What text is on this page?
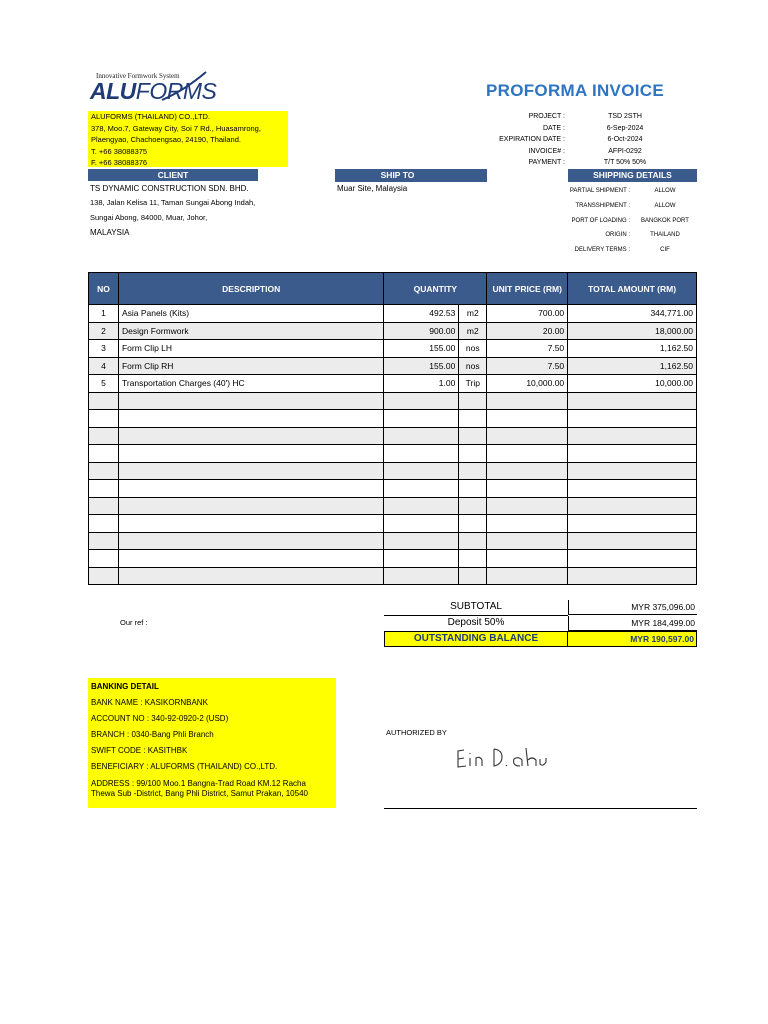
Innovative Formwork System
ALUFORMS	PROFORMA INVOICE
ALUFORMS (THAILAND) CO.,LTD.
378, Moo.7, Gateway City, Soi 7 Rd., Huasamrong,
Plaengyao, Chachoengsao, 24190, Thailand.
T. +66 38088375
F. +66 38088376
PROJECT :	TSD 2STH
DATE :	6-Sep-2024
EXPIRATION DATE :	6-Oct-2024
INVOICE# :	AFPI-0292
PAYMENT :	T/T 50% 50%
CLIENT	SHIP TO	SHIPPING DETAILS
TS DYNAMIC CONSTRUCTION SDN. BHD.
138, Jalan Kelisa 11, Taman Sungai Abong Indah,
Sungai Abong, 84000, Muar, Johor,
MALAYSIA
Muar Site, Malaysia	PARTIAL SHIPMENT :	ALLOW
TRANSSHIPMENT :	ALLOW
PORT OF LOADING :	BANGKOK PORT
ORIGIN :	THAILAND
DELIVERY TERMS :	CIF
NO	DESCRIPTION	QUANTITY		UNIT PRICE (RM)	TOTAL AMOUNT (RM)
1	Asia Panels (Kits)	492.53	m2	700.00	344,771.00
2	Design Formwork	900.00	m2	20.00	18,000.00
3	Form Clip LH	155.00	nos	7.50	1,162.50
4	Form Clip RH	155.00	nos	7.50	1,162.50
5	Transportation Charges (40') HC	1.00	Trip	10,000.00	10,000.00

Our ref :
SUBTOTAL	MYR 375,096.00
Deposit 50%	MYR 184,499.00
OUTSTANDING BALANCE	MYR 190,597.00
BANKING DETAIL
BANK NAME : KASIKORNBANK
ACCOUNT NO : 340-92-0920-2 (USD)
BRANCH : 0340-Bang Phli Branch
SWIFT CODE : KASITHBK
BENEFICIARY : ALUFORMS (THAILAND) CO.,LTD.
ADDRESS : 99/100 Moo.1 Bangna-Trad Road KM.12 Racha
Thewa Sub -District, Bang Phli District, Samut Prakan, 10540
AUTHORIZED BY
